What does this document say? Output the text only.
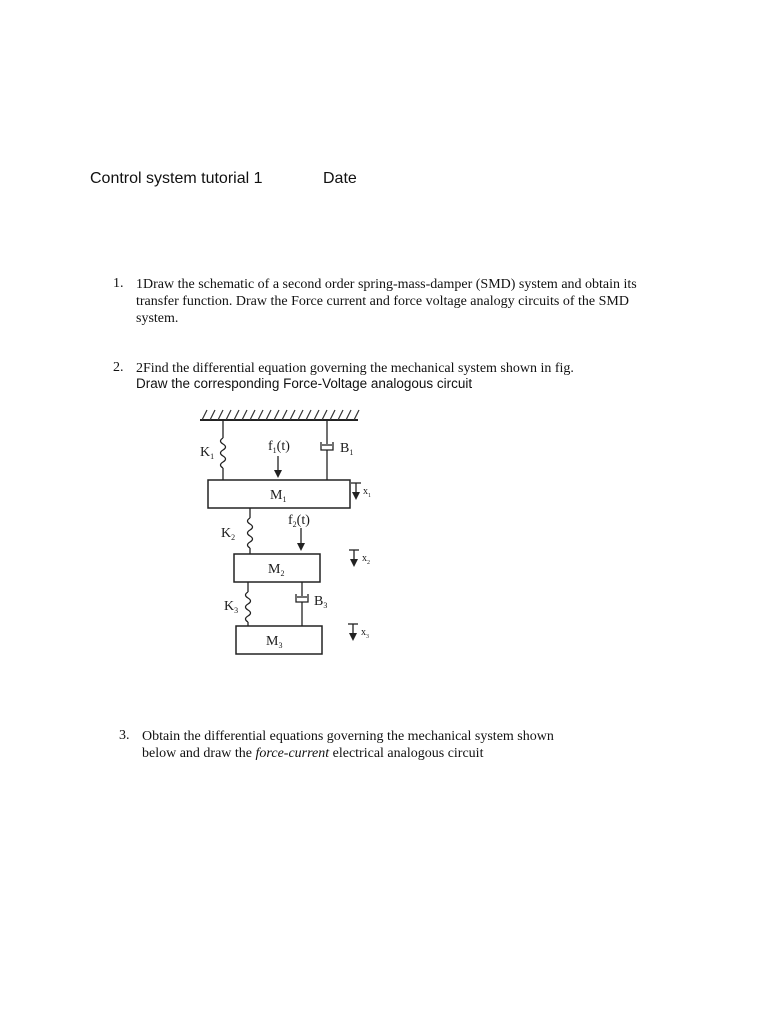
Control system tutorial 1	Date
1. 1Draw the schematic of a second order spring-mass-damper (SMD) system and obtain its
transfer function. Draw the Force current and force voltage analogy circuits of the SMD
system.
2. 2Find the differential equation governing the mechanical system shown in fig.
Draw the corresponding Force-Voltage analogous circuit
$K_1$
$f_1(t)$	$B_1$
$M_1$
$x_1$
$K_2$
$f_2(t)$
$M_2$
$x_2$
$K_3$
$B_3$
$M_3$
$x_3$
3. Obtain the differential equations governing the mechanical system shown
below and draw the force-current electrical analogous circuit
